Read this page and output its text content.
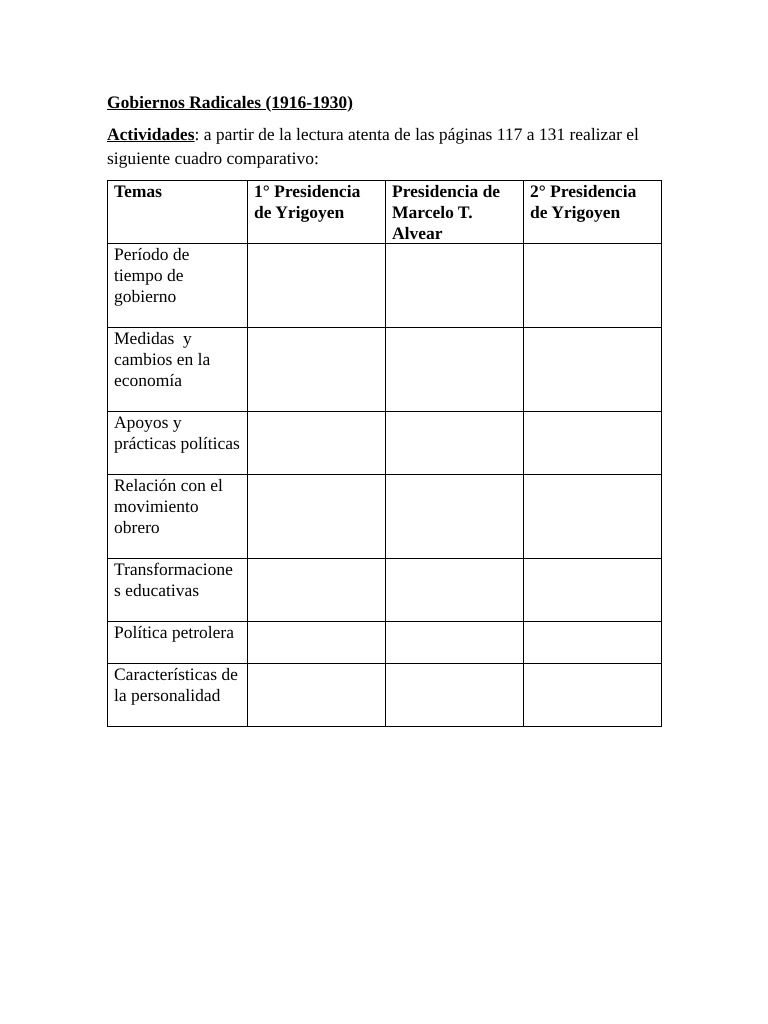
Gobiernos Radicales (1916-1930)

Actividades: a partir de la lectura atenta de las páginas 117 a 131 realizar el siguiente cuadro comparativo:

Temas	1° Presidencia de Yrigoyen
Presidencia de Marcelo T. Alvear
2° Presidencia de Yrigoyen
Período de tiempo de gobierno
Medidas  y cambios en la economía
Apoyos y prácticas políticas
Relación con el movimiento obrero
Transformaciones educativas
Política petrolera
Características de la personalidad
